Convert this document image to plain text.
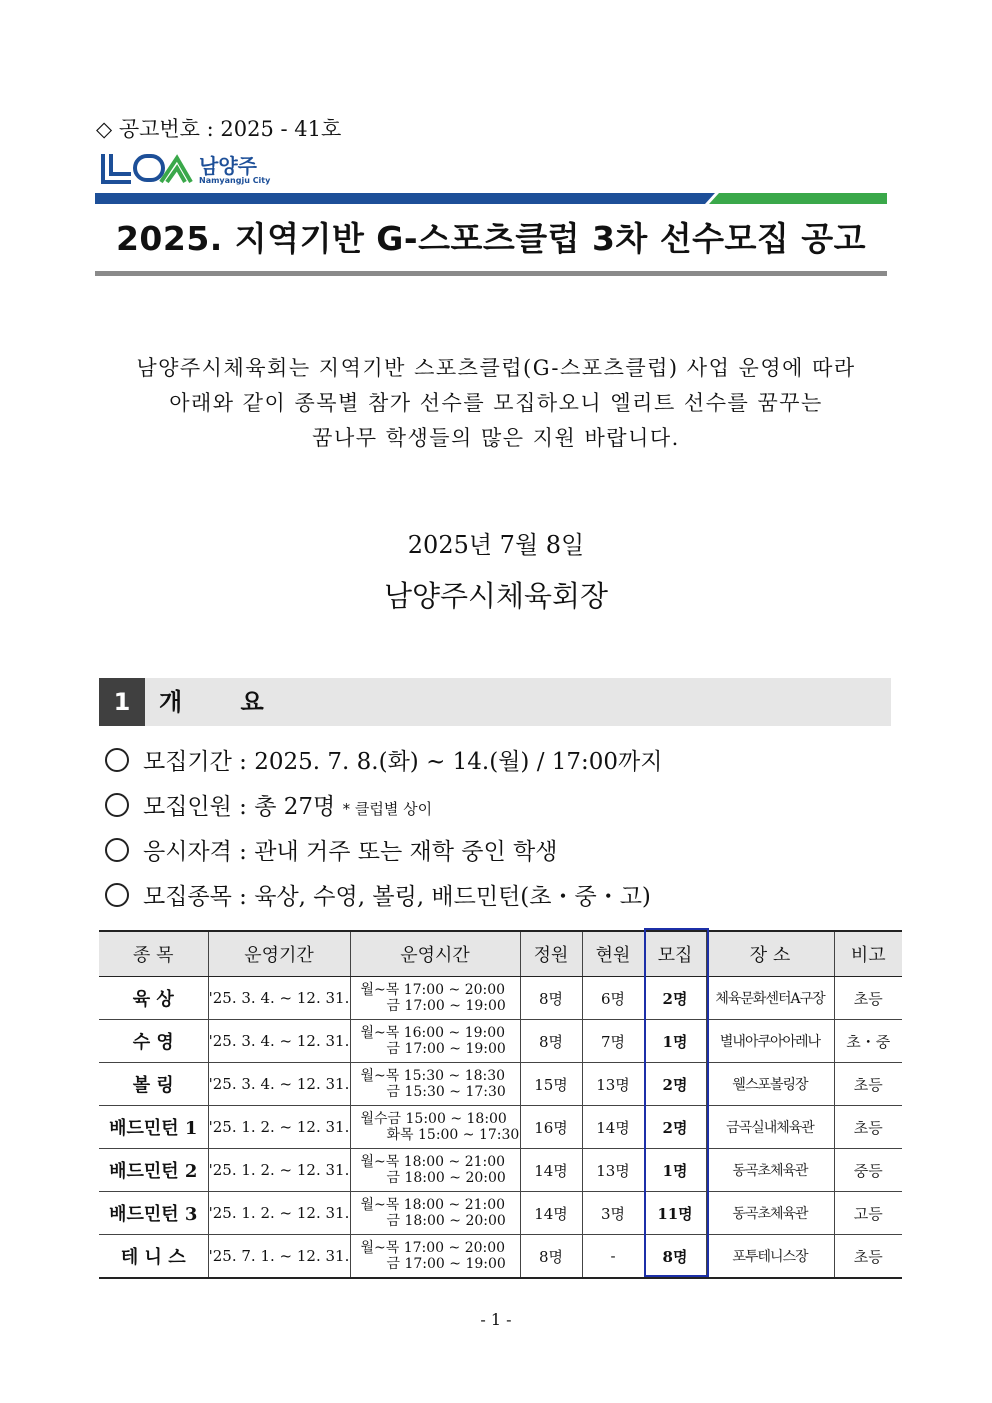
◇ 공고번호 : 2025 - 41호
남양주
Namyangju City
2025. 지역기반 G-스포츠클럽 3차 선수모집 공고
남양주시체육회는 지역기반 스포츠클럽(G-스포츠클럽) 사업 운영에 따라
아래와 같이 종목별 참가 선수를 모집하오니 엘리트 선수를 꿈꾸는
꿈나무 학생들의 많은 지원 바랍니다.
2025년 7월 8일
남양주시체육회장
1	개 요
모집기간 : 2025. 7. 8.(화) ~ 14.(월) / 17:00까지
모집인원 : 총 27명 * 클럽별 상이
응시자격 : 관내 거주 또는 재학 중인 학생
모집종목 : 육상, 수영, 볼링, 배드민턴(초・중・고)
종 목	운영기간	운영시간	정원	현원	모집	장 소	비고
육 상	'25. 3. 4. ~ 12. 31.	월~목 17:00 ~ 20:00
금 17:00 ~ 19:00	8명	6명	2명	체육문화센터A구장	초등
수 영	'25. 3. 4. ~ 12. 31.	월~목 16:00 ~ 19:00
금 17:00 ~ 19:00	8명	7명	1명	별내아쿠아아레나	초・중
볼 링	'25. 3. 4. ~ 12. 31.	월~목 15:30 ~ 18:30
금 15:30 ~ 17:30	15명	13명	2명	웰스포볼링장	초등
배드민턴 1	'25. 1. 2. ~ 12. 31.	월수금 15:00 ~ 18:00
화목 15:00 ~ 17:30	16명	14명	2명	금곡실내체육관	초등
배드민턴 2	'25. 1. 2. ~ 12. 31.	월~목 18:00 ~ 21:00
금 18:00 ~ 20:00	14명	13명	1명	동곡초체육관	중등
배드민턴 3	'25. 1. 2. ~ 12. 31.	월~목 18:00 ~ 21:00
금 18:00 ~ 20:00	14명	3명	11명	동곡초체육관	고등
테 니 스	'25. 7. 1. ~ 12. 31.	월~목 17:00 ~ 20:00
금 17:00 ~ 19:00	8명	-	8명	포투테니스장	초등
- 1 -
